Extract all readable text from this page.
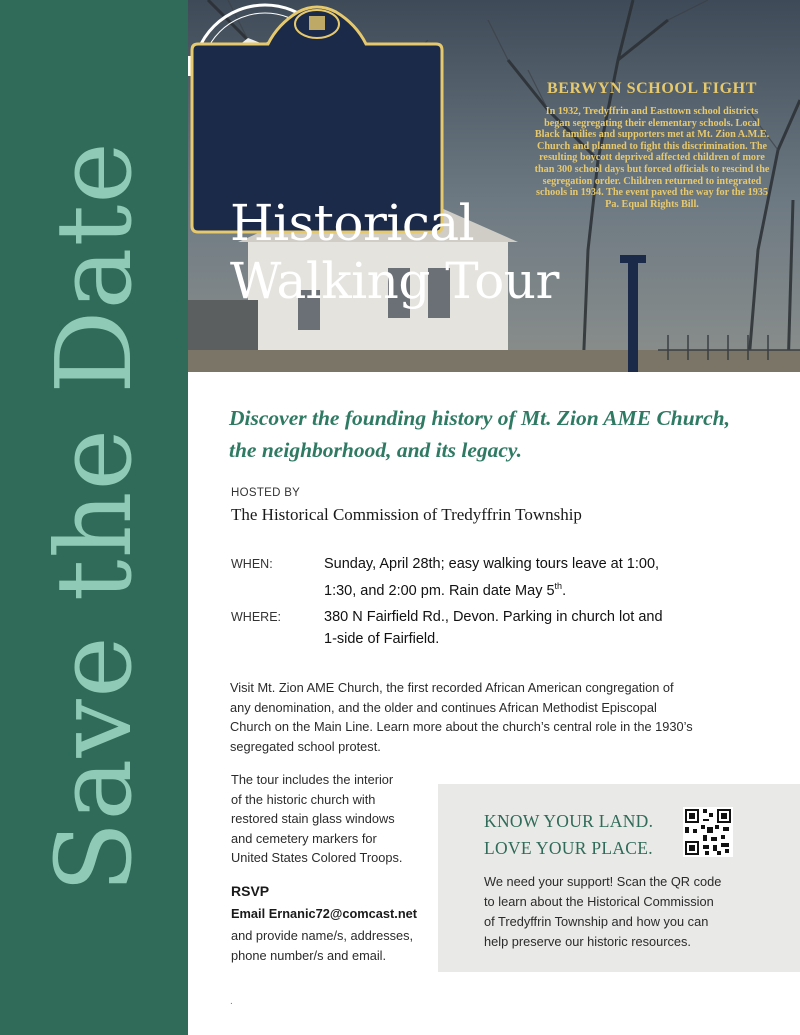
Save the Date
BERWYN SCHOOL FIGHT
In 1932, Tredyffrin and Easttown school districts began segregating their elementary schools. Local Black families and supporters met at Mt. Zion A.M.E. Church and planned to fight this discrimination. The resulting boycott deprived affected children of more than 300 school days but forced officials to rescind the segregation order. Children returned to integrated schools in 1934. The event paved the way for the 1935 Pa. Equal Rights Bill.
Historical
Walking Tour
Discover the founding history of Mt. Zion AME Church,
the neighborhood, and its legacy.
HOSTED BY
The Historical Commission of Tredyffrin Township
WHEN:	Sunday, April 28th; easy walking tours leave at 1:00,
1:30, and 2:00 pm. Rain date May 5th.
WHERE:	380 N Fairfield Rd., Devon. Parking in church lot and
1-side of Fairfield.
Visit Mt. Zion AME Church, the first recorded African American congregation of
any denomination, and the older and continues African Methodist Episcopal
Church on the Main Line. Learn more about the church’s central role in the 1930’s
segregated school protest.
The tour includes the interior
of the historic church with
restored stain glass windows
and cemetery markers for
United States Colored Troops.
RSVP
Email Ernanic72@comcast.net
and provide name/s, addresses,
phone number/s and email.
KNOW YOUR LAND.
LOVE YOUR PLACE.
We need your support! Scan the QR code
to learn about the Historical Commission
of Tredyffrin Township and how you can
help preserve our historic resources.
.
